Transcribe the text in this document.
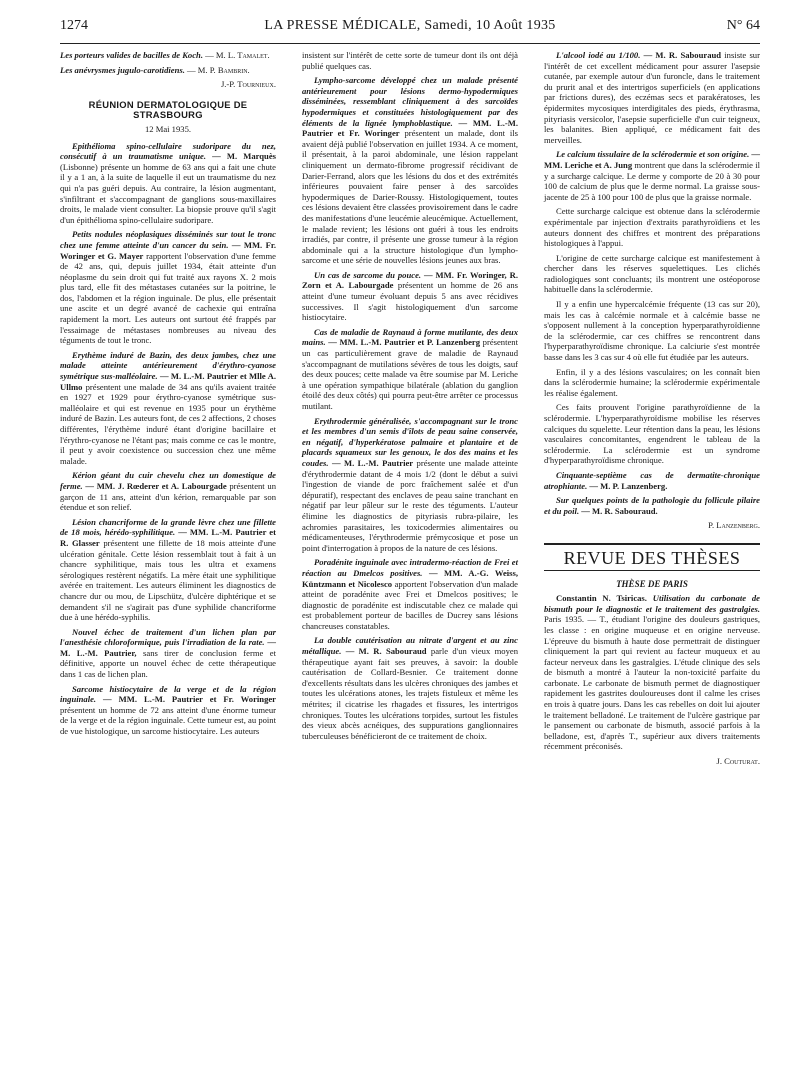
1274	LA PRESSE MÉDICALE, Samedi, 10 Août 1935	N° 64

Les porteurs valides de bacilles de Koch. — M. L. Tamalet.

Les anévrysmes jugulo-carotidiens. — M. P. Bambrin.

J.-P. Tournieux.

RÉUNION DERMATOLOGIQUE DE STRASBOURG
12 Mai 1935.

Epithélioma spino-cellulaire sudoripare du nez, consécutif à un traumatisme unique. — M. Marquès (Lisbonne) présente un homme de 63 ans qui a fait une chute il y a 1 an, à la suite de laquelle il eut un traumatisme du nez qui n'a pas guéri depuis. Au contraire, la lésion augmentant, s'infiltrant et s'accompagnant de ganglions sous-maxillaires droits, le malade vient consulter. La biopsie prouve qu'il s'agit d'un épithélioma spino-cellulaire sudoripare.

Petits nodules néoplasiques disséminés sur tout le tronc chez une femme atteinte d'un cancer du sein. — MM. Fr. Woringer et G. Mayer rapportent l'observation d'une femme de 42 ans, qui, depuis juillet 1934, était atteinte d'un néoplasme du sein droit qui fut traité aux rayons X. 2 mois plus tard, elle fit des métastases cutanées sur la poitrine, le dos, l'abdomen et la région inguinale. De plus, elle présentait une ascite et un degré avancé de cachexie qui entraîna rapidement la mort. Les auteurs ont surtout été frappés par l'essaimage de métastases nombreuses au niveau des téguments de tout le tronc.

Erythème induré de Bazin, des deux jambes, chez une malade atteinte antérieurement d'érythro-cyanose symétrique sus-malléolaire. — M. L.-M. Pautrier et Mlle A. Ullmo présentent une malade de 34 ans qu'ils avaient traitée en 1927 et 1929 pour érythro-cyanose symétrique sus-malléolaire et qui est revenue en 1935 pour un érythème induré de Bazin. Les auteurs font, de ces 2 affections, 2 choses différentes, l'érythème induré étant d'origine bacillaire et l'érythro-cyanose ne l'étant pas; mais comme ce cas le montre, il peut y avoir coexistence ou succession chez une même malade.

Kérion géant du cuir chevelu chez un domestique de ferme. — MM. J. Rœderer et A. Labourgade présentent un garçon de 11 ans, atteint d'un kérion, remarquable par son étendue et son relief.

Lésion chancriforme de la grande lèvre chez une fillette de 18 mois, hérédo-syphilitique. — MM. L.-M. Pautrier et R. Glasser présentent une fillette de 18 mois atteinte d'une ulcération génitale. Cette lésion ressemblait tout à fait à un chancre syphilitique, mais tous les ultra et examens sérologiques restèrent négatifs. La mère était une syphilitique avérée en traitement. Les auteurs éliminent les diagnostics de chancre dur ou mou, de Lipschütz, d'ulcère diphtérique et se demandent s'il ne s'agirait pas d'une syphilide chancriforme due à une hérédo-syphilis.

Nouvel échec de traitement d'un lichen plan par l'anesthésie chloroformique, puis l'irradiation de la rate. — M. L.-M. Pautrier, sans tirer de conclusion ferme et définitive, apporte un nouvel échec de cette thérapeutique dans 1 cas de lichen plan.

Sarcome histiocytaire de la verge et de la région inguinale. — MM. L.-M. Pautrier et Fr. Woringer présentent un homme de 72 ans atteint d'une énorme tumeur de la verge et de la région inguinale. Cette tumeur est, au point de vue histologique, un sarcome histiocytaire. Les auteurs

insistent sur l'intérêt de cette sorte de tumeur dont ils ont déjà publié quelques cas.

Lympho-sarcome développé chez un malade présenté antérieurement pour lésions dermo-hypodermiques disséminées, ressemblant cliniquement à des sarcoïdes hypodermiques et constituées histologiquement par des éléments de la lignée lymphoblastique. — MM. L.-M. Pautrier et Fr. Woringer présentent un malade, dont ils avaient déjà publié l'observation en juillet 1934. A ce moment, il présentait, à la paroi abdominale, une lésion rappelant cliniquement un dermato-fibrome progressif récidivant de Darier-Ferrand, alors que les lésions du dos et des extrémités inférieures pouvaient faire penser à des sarcoïdes hypodermiques de Darier-Roussy. Histologiquement, toutes ces lésions devaient être classées provisoirement dans le cadre des manifestations d'une leucémie aleucémique. Actuellement, le malade revient; les lésions ont guéri à tous les endroits irradiés, par contre, il présente une grosse tumeur à la région abdominale qui a la structure histologique d'un lympho-sarcome et une série de nouvelles lésions jeunes aux bras.

Un cas de sarcome du pouce. — MM. Fr. Woringer, R. Zorn et A. Labourgade présentent un homme de 26 ans atteint d'une tumeur évoluant depuis 5 ans avec récidives successives. Il s'agit histologiquement d'un sarcome histiocytaire.

Cas de maladie de Raynaud à forme mutilante, des deux mains. — MM. L.-M. Pautrier et P. Lanzenberg présentent un cas particulièrement grave de maladie de Raynaud s'accompagnant de mutilations sévères de tous les doigts, sauf des deux pouces; cette malade va être soumise par M. Leriche à une opération sympathique bilatérale (ablation du ganglion étoilé des deux côtés) qui pourra peut-être arrêter ce processus mutilant.

Erythrodermie généralisée, s'accompagnant sur le tronc et les membres d'un semis d'îlots de peau saine conservée, en négatif, d'hyperkératose palmaire et plantaire et de placards squameux sur les genoux, le dos des mains et les coudes. — M. L.-M. Pautrier présente une malade atteinte d'érythrodermie datant de 4 mois 1/2 (dont le début a suivi l'ingestion de viande de porc fraîchement salée et d'un dépuratif), respectant des enclaves de peau saine tranchant en négatif par leur pâleur sur le reste des téguments. L'auteur élimine les diagnostics de pityriasis rubra-pilaire, les achromies parasitaires, les toxicodermies alimentaires ou médicamenteuses, l'érythrodermie prémycosique et pose un point d'interrogation à propos de la nature de ces lésions.

Poradénite inguinale avec intradermo-réaction de Frei et réaction au Dmelcos positives. — MM. A.-G. Weiss, Küntzmann et Nicolesco apportent l'observation d'un malade atteint de poradénite avec Frei et Dmelcos positives; le diagnostic de poradénite est indiscutable chez ce malade qui est probablement porteur de bacilles de Ducrey sans lésions chancreuses constatables.

La double cautérisation au nitrate d'argent et au zinc métallique. — M. R. Sabouraud parle d'un vieux moyen thérapeutique ayant fait ses preuves, à savoir: la double cautérisation de Collard-Besnier. Ce traitement donne d'excellents résultats dans les ulcères chroniques des jambes et toutes les ulcérations atones, les trajets fistuleux et même les métrites; il cicatrise les rhagades et fissures, les intertrigos chroniques. Toutes les ulcérations torpides, surtout les fistules des vieux abcès acnéiques, des suppurations ganglionnaires tuberculeuses bénéficieront de ce traitement de choix.

L'alcool iodé au 1/100. — M. R. Sabouraud insiste sur l'intérêt de cet excellent médicament pour assurer l'asepsie cutanée, par exemple autour d'un furoncle, dans le traitement du prurit anal et des intertrigos superficiels (en applications par frictions dures), des eczémas secs et parakératoses, les épidermites mycosiques interdigitales des pieds, érythrasma, pityriasis versicolor, l'asepsie superficielle d'un cuir teigneux, les balanites. Bien appliqué, ce médicament fait des merveilles.

Le calcium tissulaire de la sclérodermie et son origine. — MM. Leriche et A. Jung montrent que dans la sclérodermie il y a surcharge calcique. Le derme y comporte de 20 à 30 pour 100 de calcium de plus que le derme normal. La graisse sous-jacente de 25 à 100 pour 100 de plus que la graisse normale.

Cette surcharge calcique est obtenue dans la sclérodermie expérimentale par injection d'extraits parathyroïdiens et les auteurs donnent des chiffres et montrent des préparations histologiques à l'appui.

L'origine de cette surcharge calcique est manifestement à chercher dans les réserves squelettiques. Les clichés radiologiques sont concluants; ils montrent une ostéoporose habituelle dans la sclérodermie.

Il y a enfin une hypercalcémie fréquente (13 cas sur 20), mais les cas à calcémie normale et à calcémie basse ne s'opposent nullement à la conception hyperparathyroïdienne de la sclérodermie, car ces chiffres se rencontrent dans l'hyperparathyroïdisme chronique. La calciurie s'est montrée basse dans les 3 cas sur 4 où elle fut étudiée par les auteurs.

Enfin, il y a des lésions vasculaires; on les connaît bien dans la sclérodermie humaine; la sclérodermie expérimentale les réalise également.

Ces faits prouvent l'origine parathyroïdienne de la sclérodermie. L'hyperparathyroïdisme mobilise les réserves calciques du squelette. Leur rétention dans la peau, les lésions vasculaires concomitantes, engendrent le tableau de la sclérodermie. La sclérodermie est un syndrome d'hyperparathyroïdisme chronique.

Cinquante-septième cas de dermatite-chronique atrophiante. — M. P. Lanzenberg.

Sur quelques points de la pathologie du follicule pilaire et du poil. — M. R. Sabouraud.

P. Lanzenberg.

REVUE DES THÈSES
THÈSE DE PARIS

Constantin N. Tsiricas. Utilisation du carbonate de bismuth pour le diagnostic et le traitement des gastralgies. Paris 1935. — T., étudiant l'origine des douleurs gastriques, les classe : en origine muqueuse et en origine nerveuse. L'épreuve du bismuth à haute dose permettrait de distinguer cliniquement la part qui revient au facteur muqueux et au facteur nerveux dans les gastralgies. L'étude clinique des sels de bismuth a montré à l'auteur la non-toxicité parfaite du carbonate. Le carbonate de bismuth permet de diagnostiquer rapidement les gastrites douloureuses dont il calme les crises en trois à quatre jours. Dans les cas rebelles on doit lui ajouter le traitement belladoné. Le traitement de l'ulcère gastrique par le pansement ou carbonate de bismuth, associé parfois à la belladone, est, d'après T., supérieur aux divers traitements récemment préconisés.

J. Couturat.
